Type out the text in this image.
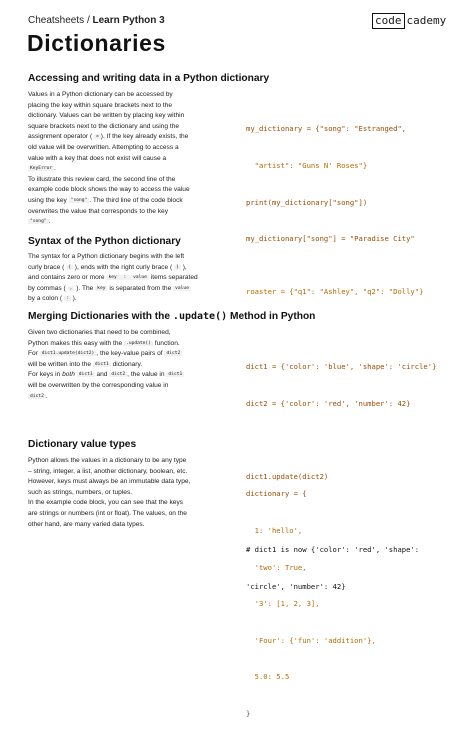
Cheatsheets / Learn Python 3	code cademy
Dictionaries
Accessing and writing data in a Python dictionary
Values in a Python dictionary can be accessed by
placing the key within square brackets next to the
dictionary. Values can be written by placing key within
square brackets next to the dictionary and using the
assignment operator ( = ). If the key already exists, the
old value will be overwritten. Attempting to access a
value with a key that does not exist will cause a
KeyError .
To illustrate this review card, the second line of the
example code block shows the way to access the value
using the key "song" . The third line of the code block
overwrites the value that corresponds to the key
"song" .

my_dictionary = {"song": "Estranged",

"artist": "Guns N' Roses"}

print(my_dictionary["song"])

my_dictionary["song"] = "Paradise City"

Syntax of the Python dictionary
The syntax for a Python dictionary begins with the left
curly brace ( { ), ends with the right curly brace ( } ),
and contains zero or more key : value items separated
by commas ( , ). The key is separated from the value
by a colon ( : ).

roaster = {"q1": "Ashley", "q2": "Dolly"}

Merging Dictionaries with the .update() Method in Python
Given two dictionaries that need to be combined,
Python makes this easy with the .update() function.
For dict1.update(dict2) , the key-value pairs of dict2
will be written into the dict1 dictionary.
For keys in both dict1 and dict2 , the value in dict1
will be overwritten by the corresponding value in
dict2 .

dict1 = {'color': 'blue', 'shape': 'circle'}

dict2 = {'color': 'red', 'number': 42}

dict1.update(dict2)

# dict1 is now {'color': 'red', 'shape':

'circle', 'number': 42}

Dictionary value types
Python allows the values in a dictionary to be any type
– string, integer, a list, another dictionary, boolean, etc.
However, keys must always be an immutable data type,
such as strings, numbers, or tuples.
In the example code block, you can see that the keys
are strings or numbers (int or float). The values, on the
other hand, are many varied data types.

dictionary = {

1: 'hello',

'two': True,

'3': [1, 2, 3],

'Four': {'fun': 'addition'},

5.0: 5.5

}
